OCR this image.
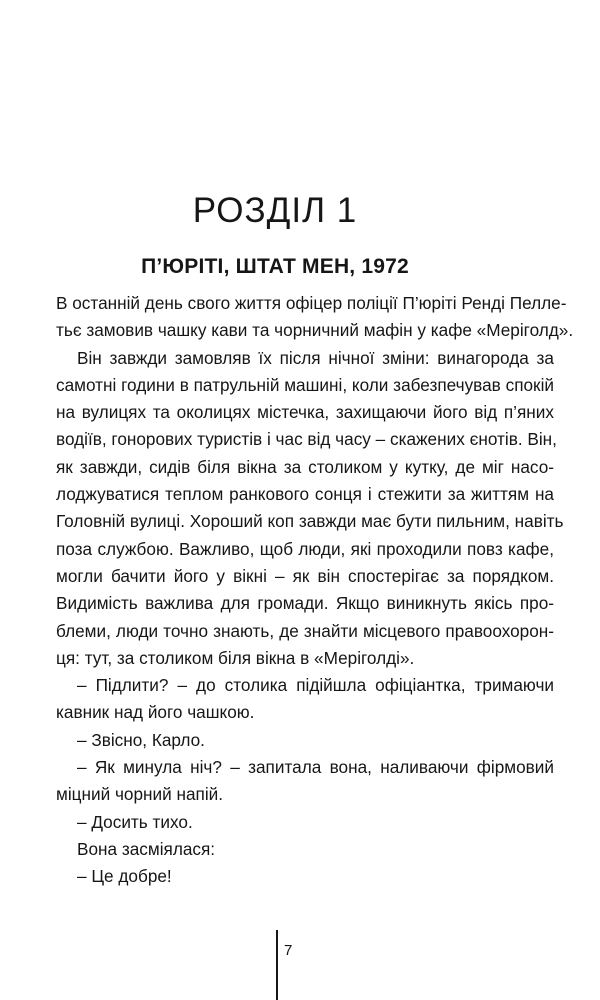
РОЗДІЛ 1
П’ЮРІТІ, ШТАТ МЕН, 1972
В останній день свого життя офіцер поліції П’юріті Ренді Пелле-
тьє замовив чашку кави та чорничний мафін у кафе «Меріголд».
Він завжди замовляв їх після нічної зміни: винагорода за
самотні години в патрульній машині, коли забезпечував спокій
на вулицях та околицях містечка, захищаючи його від п’яних
водіїв, гонорових туристів і час від часу – скажених єнотів. Він,
як завжди, сидів біля вікна за столиком у кутку, де міг насо-
лоджуватися теплом ранкового сонця і стежити за життям на
Головній вулиці. Хороший коп завжди має бути пильним, навіть
поза службою. Важливо, щоб люди, які проходили повз кафе,
могли бачити його у вікні – як він спостерігає за порядком.
Видимість важлива для громади. Якщо виникнуть якісь про-
блеми, люди точно знають, де знайти місцевого правоохорон-
ця: тут, за столиком біля вікна в «Меріголді».
– Підлити? – до столика підійшла офіціантка, тримаючи
кавник над його чашкою.
– Звісно, Карло.
– Як минула ніч? – запитала вона, наливаючи фірмовий
міцний чорний напій.
– Досить тихо.
Вона засміялася:
– Це добре!
7
